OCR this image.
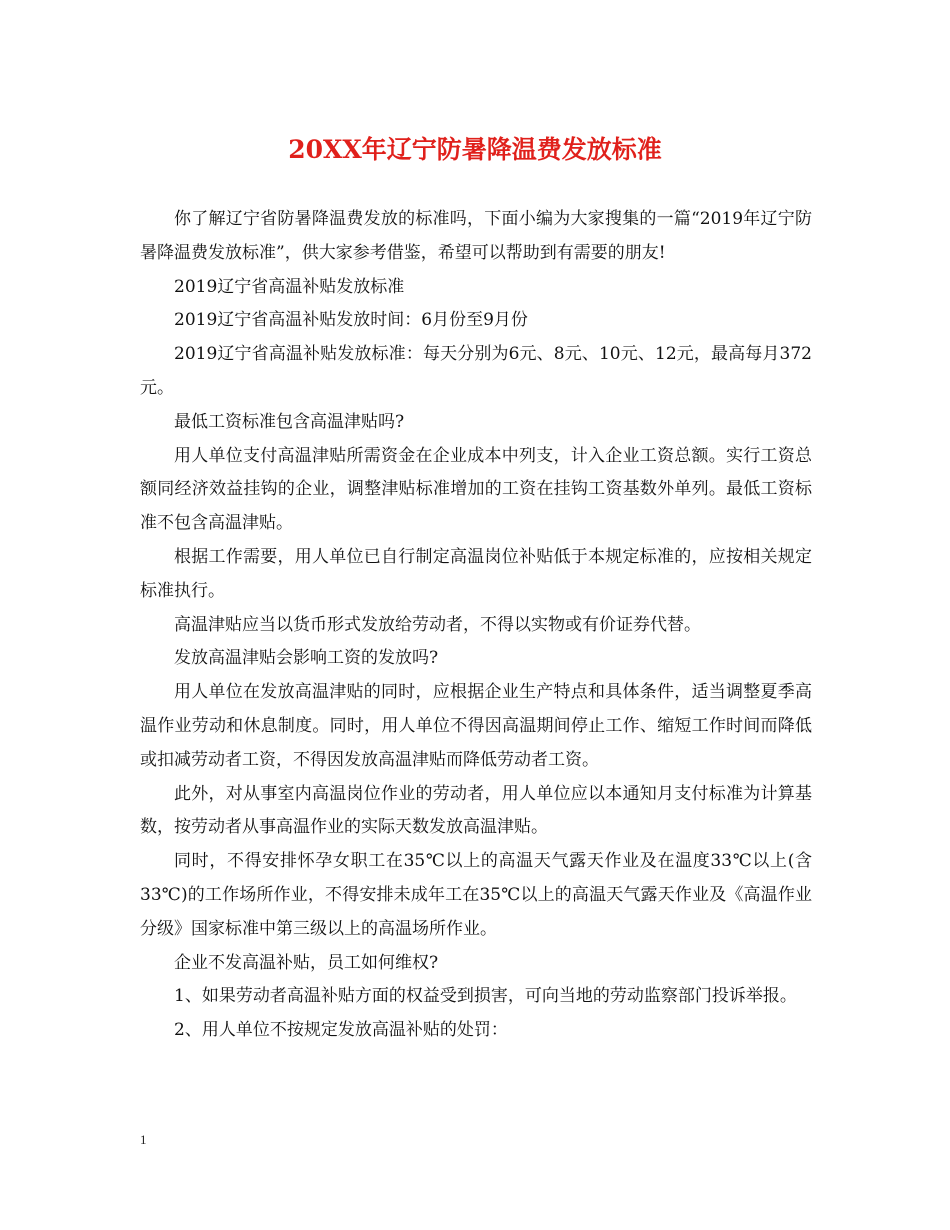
20XX年辽宁防暑降温费发放标准

你了解辽宁省防暑降温费发放的标准吗，下面小编为大家搜集的一篇“2019年辽宁防暑降温费发放标准”，供大家参考借鉴，希望可以帮助到有需要的朋友!

2019辽宁省高温补贴发放标准

2019辽宁省高温补贴发放时间：6月份至9月份

2019辽宁省高温补贴发放标准：每天分别为6元、8元、10元、12元，最高每月372元。

最低工资标准包含高温津贴吗?

用人单位支付高温津贴所需资金在企业成本中列支，计入企业工资总额。实行工资总额同经济效益挂钩的企业，调整津贴标准增加的工资在挂钩工资基数外单列。最低工资标准不包含高温津贴。

根据工作需要，用人单位已自行制定高温岗位补贴低于本规定标准的，应按相关规定标准执行。

高温津贴应当以货币形式发放给劳动者，不得以实物或有价证券代替。

发放高温津贴会影响工资的发放吗?

用人单位在发放高温津贴的同时，应根据企业生产特点和具体条件，适当调整夏季高温作业劳动和休息制度。同时，用人单位不得因高温期间停止工作、缩短工作时间而降低或扣减劳动者工资，不得因发放高温津贴而降低劳动者工资。

此外，对从事室内高温岗位作业的劳动者，用人单位应以本通知月支付标准为计算基数，按劳动者从事高温作业的实际天数发放高温津贴。

同时，不得安排怀孕女职工在35℃以上的高温天气露天作业及在温度33℃以上(含33℃)的工作场所作业，不得安排未成年工在35℃以上的高温天气露天作业及《高温作业分级》国家标准中第三级以上的高温场所作业。

企业不发高温补贴，员工如何维权?

1、如果劳动者高温补贴方面的权益受到损害，可向当地的劳动监察部门投诉举报。

2、用人单位不按规定发放高温补贴的处罚：

1
